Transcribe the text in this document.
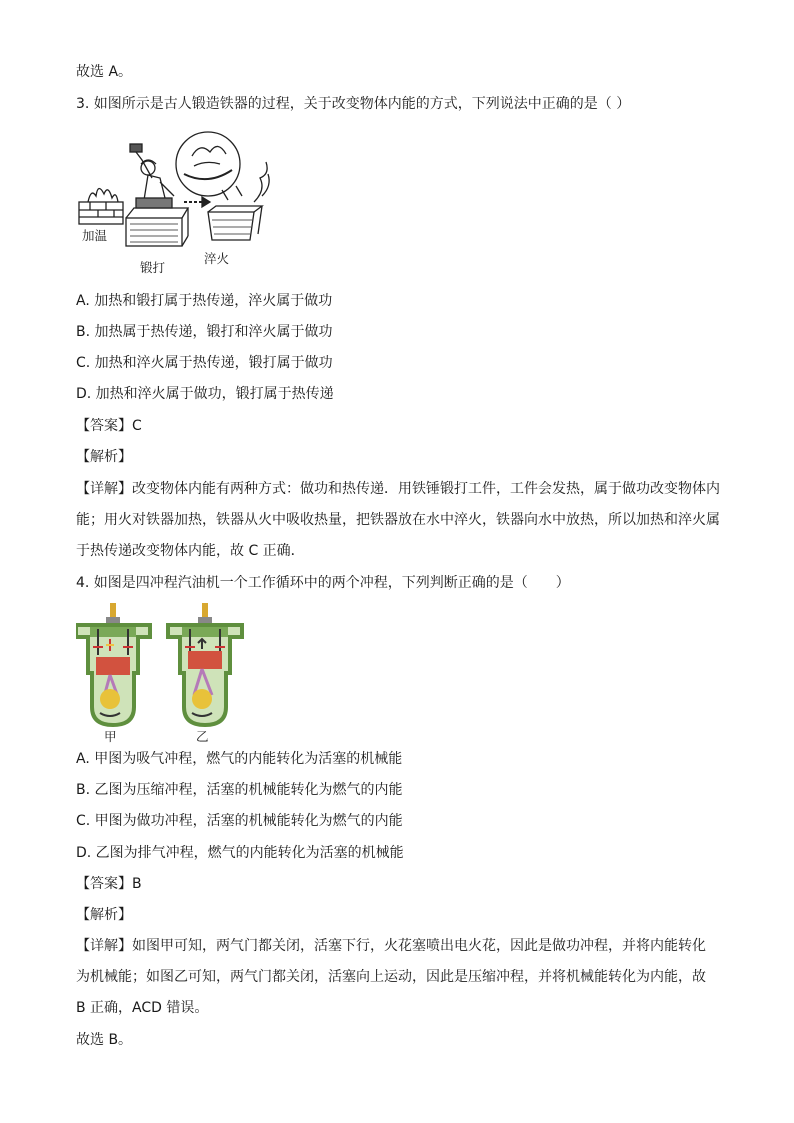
故选 A。
3. 如图所示是古人锻造铁器的过程，关于改变物体内能的方式，下列说法中正确的是（ ）
加温
锻打
淬火
A. 加热和锻打属于热传递，淬火属于做功
B. 加热属于热传递，锻打和淬火属于做功
C. 加热和淬火属于热传递，锻打属于做功
D. 加热和淬火属于做功，锻打属于热传递
【答案】C
【解析】
【详解】改变物体内能有两种方式：做功和热传递．用铁锤锻打工件，工件会发热，属于做功改变物体内
能；用火对铁器加热，铁器从火中吸收热量，把铁器放在水中淬火，铁器向水中放热，所以加热和淬火属
于热传递改变物体内能，故 C 正确．
4. 如图是四冲程汽油机一个工作循环中的两个冲程，下列判断正确的是（　　）
甲	乙
A. 甲图为吸气冲程，燃气的内能转化为活塞的机械能
B. 乙图为压缩冲程，活塞的机械能转化为燃气的内能
C. 甲图为做功冲程，活塞的机械能转化为燃气的内能
D. 乙图为排气冲程，燃气的内能转化为活塞的机械能
【答案】B
【解析】
【详解】如图甲可知，两气门都关闭，活塞下行，火花塞喷出电火花，因此是做功冲程，并将内能转化
为机械能；如图乙可知，两气门都关闭，活塞向上运动，因此是压缩冲程，并将机械能转化为内能，故
B 正确，ACD 错误。
故选 B。
